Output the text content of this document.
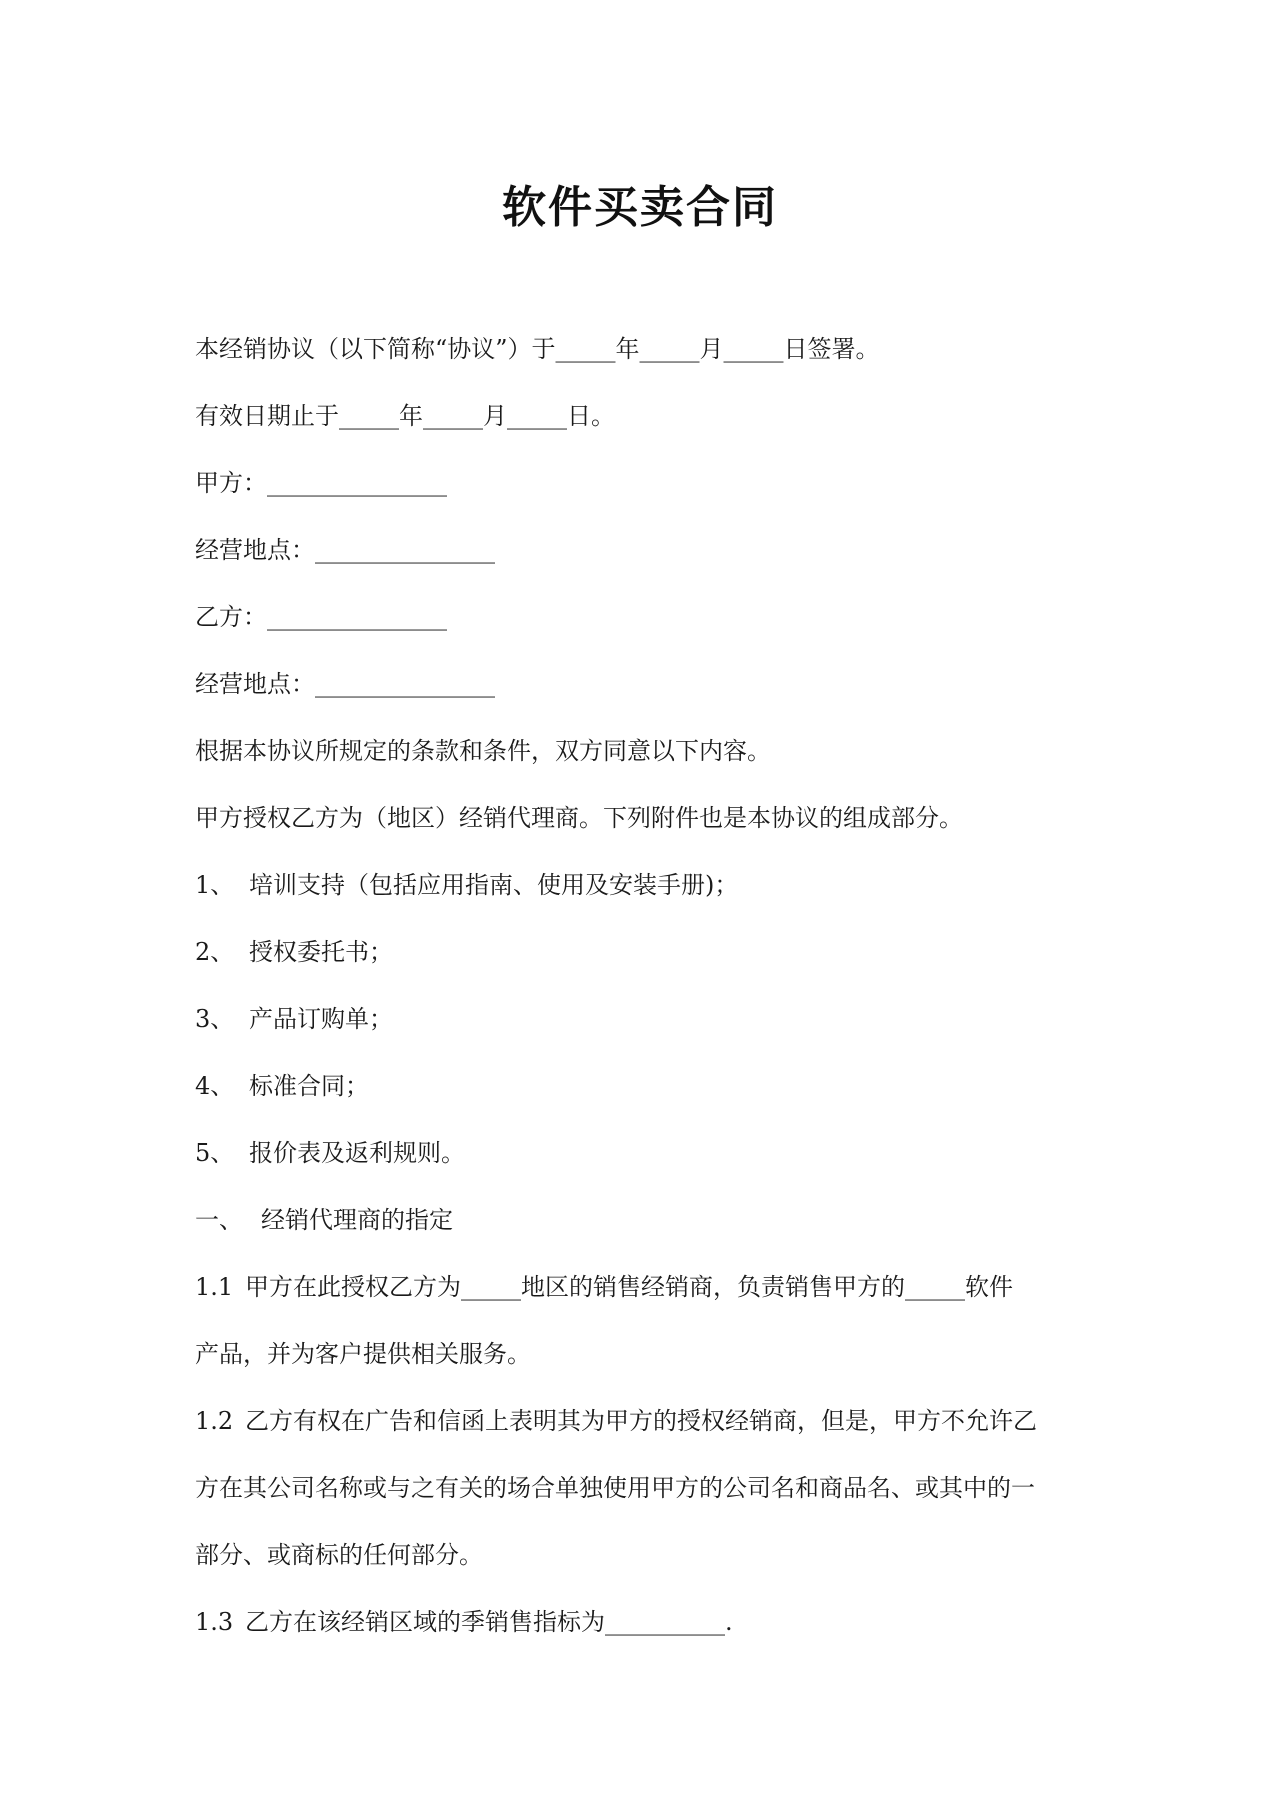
软件买卖合同
本经销协议（以下简称“协议”）于_____年_____月_____日签署。
有效日期止于_____年_____月_____日。
甲方：_______________
经营地点：_______________
乙方：_______________
经营地点：_______________
根据本协议所规定的条款和条件，双方同意以下内容。
甲方授权乙方为（地区）经销代理商。下列附件也是本协议的组成部分。
1、 培训支持（包括应用指南、使用及安装手册)；
2、 授权委托书；
3、 产品订购单；
4、 标准合同；
5、 报价表及返利规则。
一、 经销代理商的指定
1.1 甲方在此授权乙方为_____地区的销售经销商，负责销售甲方的_____软件
产品，并为客户提供相关服务。
1.2 乙方有权在广告和信函上表明其为甲方的授权经销商，但是，甲方不允许乙
方在其公司名称或与之有关的场合单独使用甲方的公司名和商品名、或其中的一
部分、或商标的任何部分。
1.3 乙方在该经销区域的季销售指标为__________.
